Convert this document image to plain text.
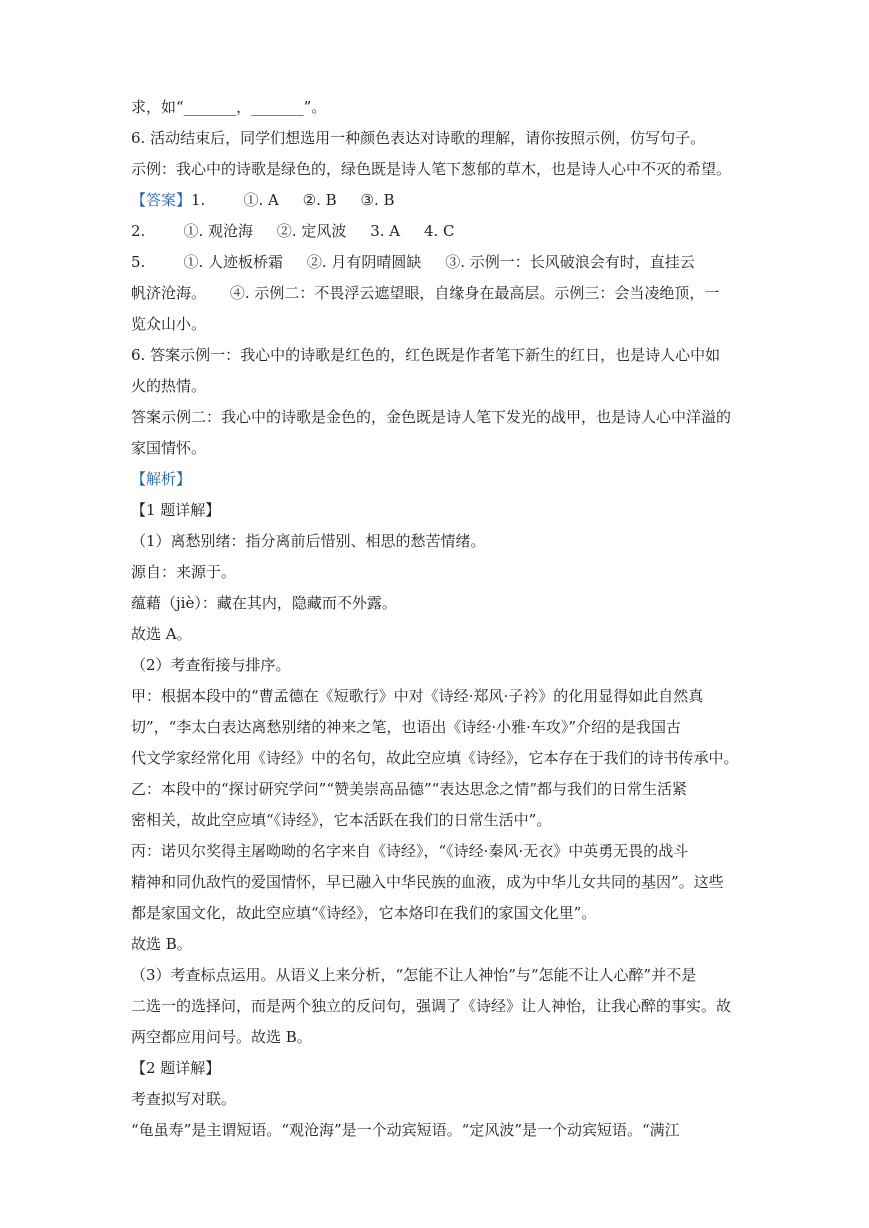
求，如“_______，_______”。

6. 活动结束后，同学们想选用一种颜色表达对诗歌的理解，请你按照示例，仿写句子。

示例：我心中的诗歌是绿色的，绿色既是诗人笔下葱郁的草木，也是诗人心中不灭的希望。

【答案】1.        ①. A     ②. B     ③. B

2.        ①. 观沧海     ②. 定风波     3. A     4. C

5.        ①. 人迹板桥霜     ②. 月有阴晴圆缺     ③. 示例一：长风破浪会有时，直挂云

帆济沧海。     ④. 示例二：不畏浮云遮望眼，自缘身在最高层。示例三：会当凌绝顶，一

览众山小。

6. 答案示例一：我心中的诗歌是红色的，红色既是作者笔下新生的红日，也是诗人心中如

火的热情。

答案示例二：我心中的诗歌是金色的，金色既是诗人笔下发光的战甲，也是诗人心中洋溢的

家国情怀。

【解析】

【1 题详解】

（1）离愁别绪：指分离前后惜别、相思的愁苦情绪。

源自：来源于。

蕴藉（jiè）：藏在其内，隐藏而不外露。

故选 A。

（2）考查衔接与排序。

甲：根据本段中的“曹孟德在《短歌行》中对《诗经·郑风·子衿》的化用显得如此自然真

切”，“李太白表达离愁别绪的神来之笔，也语出《诗经·小雅·车攻》”介绍的是我国古

代文学家经常化用《诗经》中的名句，故此空应填《诗经》，它本存在于我们的诗书传承中。

乙：本段中的“探讨研究学问”“赞美崇高品德”“表达思念之情”都与我们的日常生活紧

密相关，故此空应填“《诗经》，它本活跃在我们的日常生活中”。

丙：诺贝尔奖得主屠呦呦的名字来自《诗经》，“《诗经·秦风·无衣》中英勇无畏的战斗

精神和同仇敌忾的爱国情怀，早已融入中华民族的血液，成为中华儿女共同的基因”。这些

都是家国文化，故此空应填“《诗经》，它本烙印在我们的家国文化里”。

故选 B。

（3）考查标点运用。从语义上来分析，“怎能不让人神怡”与“怎能不让人心醉”并不是

二选一的选择问，而是两个独立的反问句，强调了《诗经》让人神怡，让我心醉的事实。故

两空都应用问号。故选 B。

【2 题详解】

考查拟写对联。

“龟虽寿”是主谓短语。“观沧海”是一个动宾短语。“定风波”是一个动宾短语。“满江
